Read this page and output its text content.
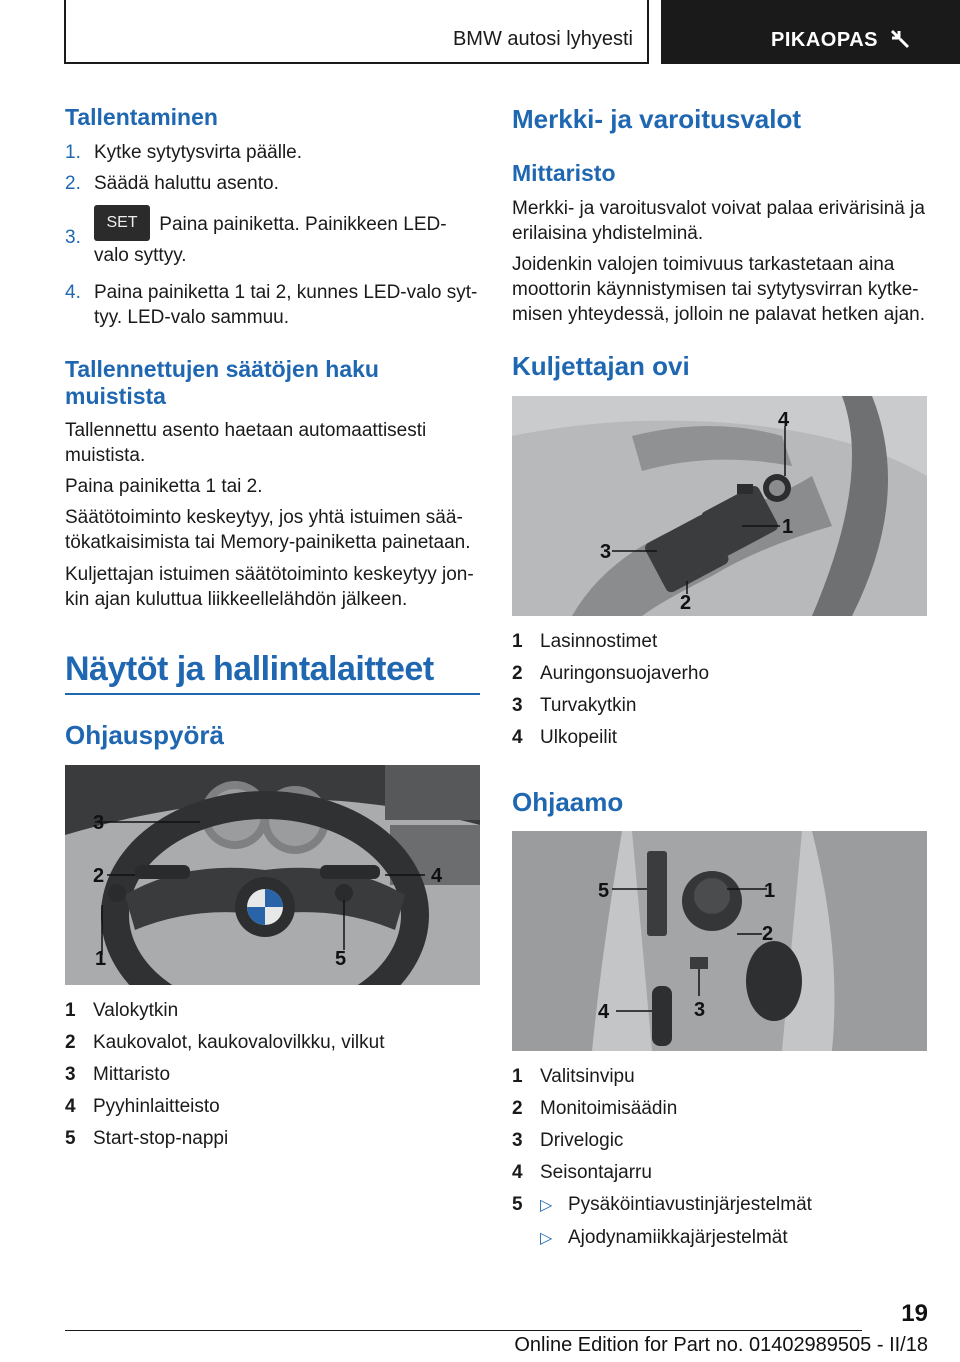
BMW autosi lyhyesti	PIKAOPAS
Tallentaminen
1. Kytke sytytysvirta päälle.
2. Säädä haluttu asento.
3.
SET Paina painiketta. Painikkeen LED-valo syttyy.
4. Paina painiketta 1 tai 2, kunnes LED-valo syt-tyy. LED-valo sammuu.
Tallennettujen säätöjen haku muistista

Tallennettu asento haetaan automaattisesti muistista.

Paina painiketta 1 tai 2.

Säätötoiminto keskeytyy, jos yhtä istuimen sää-tökatkaisimista tai Memory-painiketta painetaan.

Kuljettajan istuimen säätötoiminto keskeytyy jon-kin ajan kuluttua liikkeellelähdön jälkeen.

Näytöt ja hallintalaitteet
Ohjauspyörä
3
2
1
4
5
1 Valokytkin
2 Kaukovalot, kaukovalovilkku, vilkut
3 Mittaristo
4 Pyyhinlaitteisto
5 Start-stop-nappi
Merkki- ja varoitusvalot
Mittaristo

Merkki- ja varoitusvalot voivat palaa erivärisinä ja erilaisina yhdistelminä.

Joidenkin valojen toimivuus tarkastetaan aina moottorin käynnistymisen tai sytytysvirran kytke-misen yhteydessä, jolloin ne palavat hetken ajan.

Kuljettajan ovi
4
1
3
2
1 Lasinnostimet
2 Auringonsuojaverho
3 Turvakytkin
4 Ulkopeilit
Ohjaamo
1
2
3
4
5
1 Valitsinvipu
2 Monitoimisäädin
3 Drivelogic
4 Seisontajarru
5 ▷ Pysäköintiavustinjärjestelmät
▷ Ajodynamiikkajärjestelmät
19
Online Edition for Part no. 01402989505 - II/18
